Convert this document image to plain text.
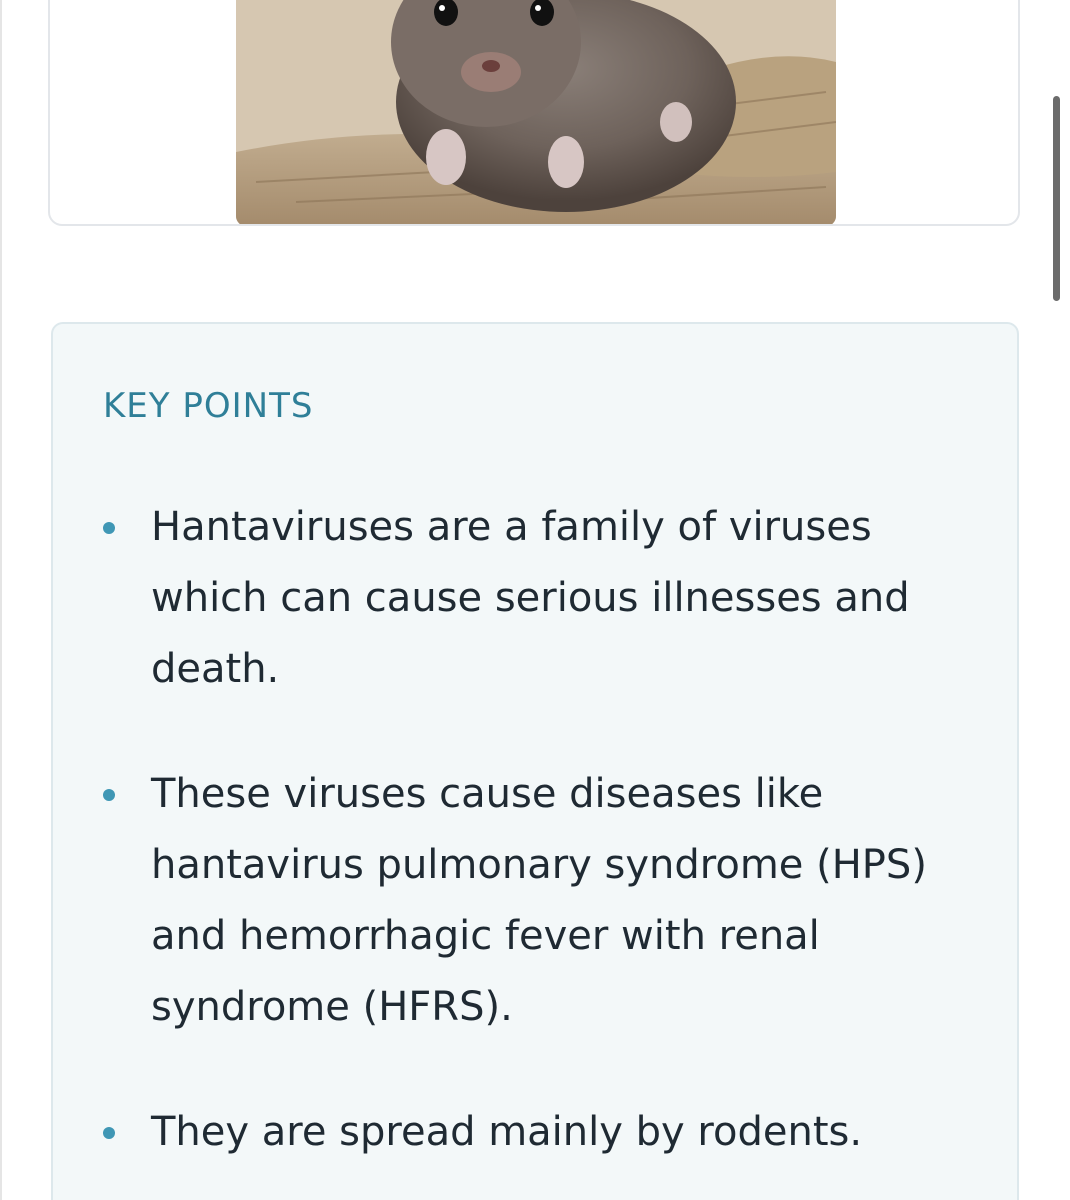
KEY POINTS
Hantaviruses are a family of viruses which can cause serious illnesses and death.
These viruses cause diseases like hantavirus pulmonary syndrome (HPS) and hemorrhagic fever with renal syndrome (HFRS).
They are spread mainly by rodents.
